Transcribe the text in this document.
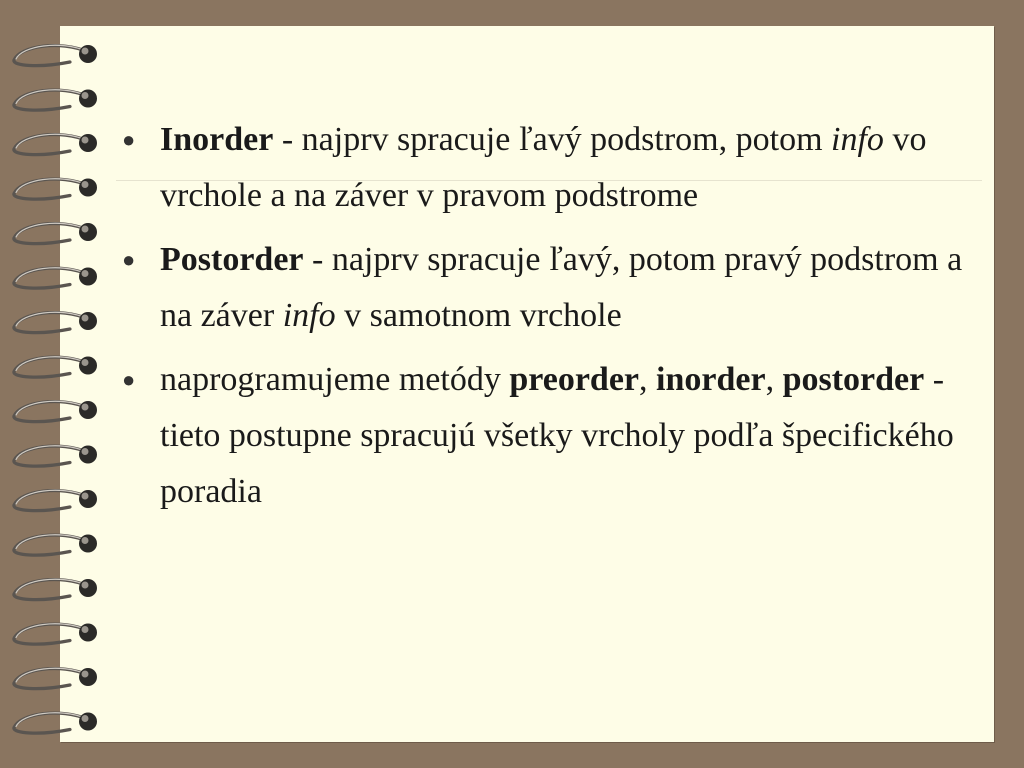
● Inorder - najprv spracuje ľavý podstrom, potom info vo vrchole a na záver v pravom podstrome
● Postorder - najprv spracuje ľavý, potom pravý podstrom a na záver info v samotnom vrchole
● naprogramujeme metódy preorder, inorder, postorder - tieto postupne spracujú všetky vrcholy podľa špecifického poradia
